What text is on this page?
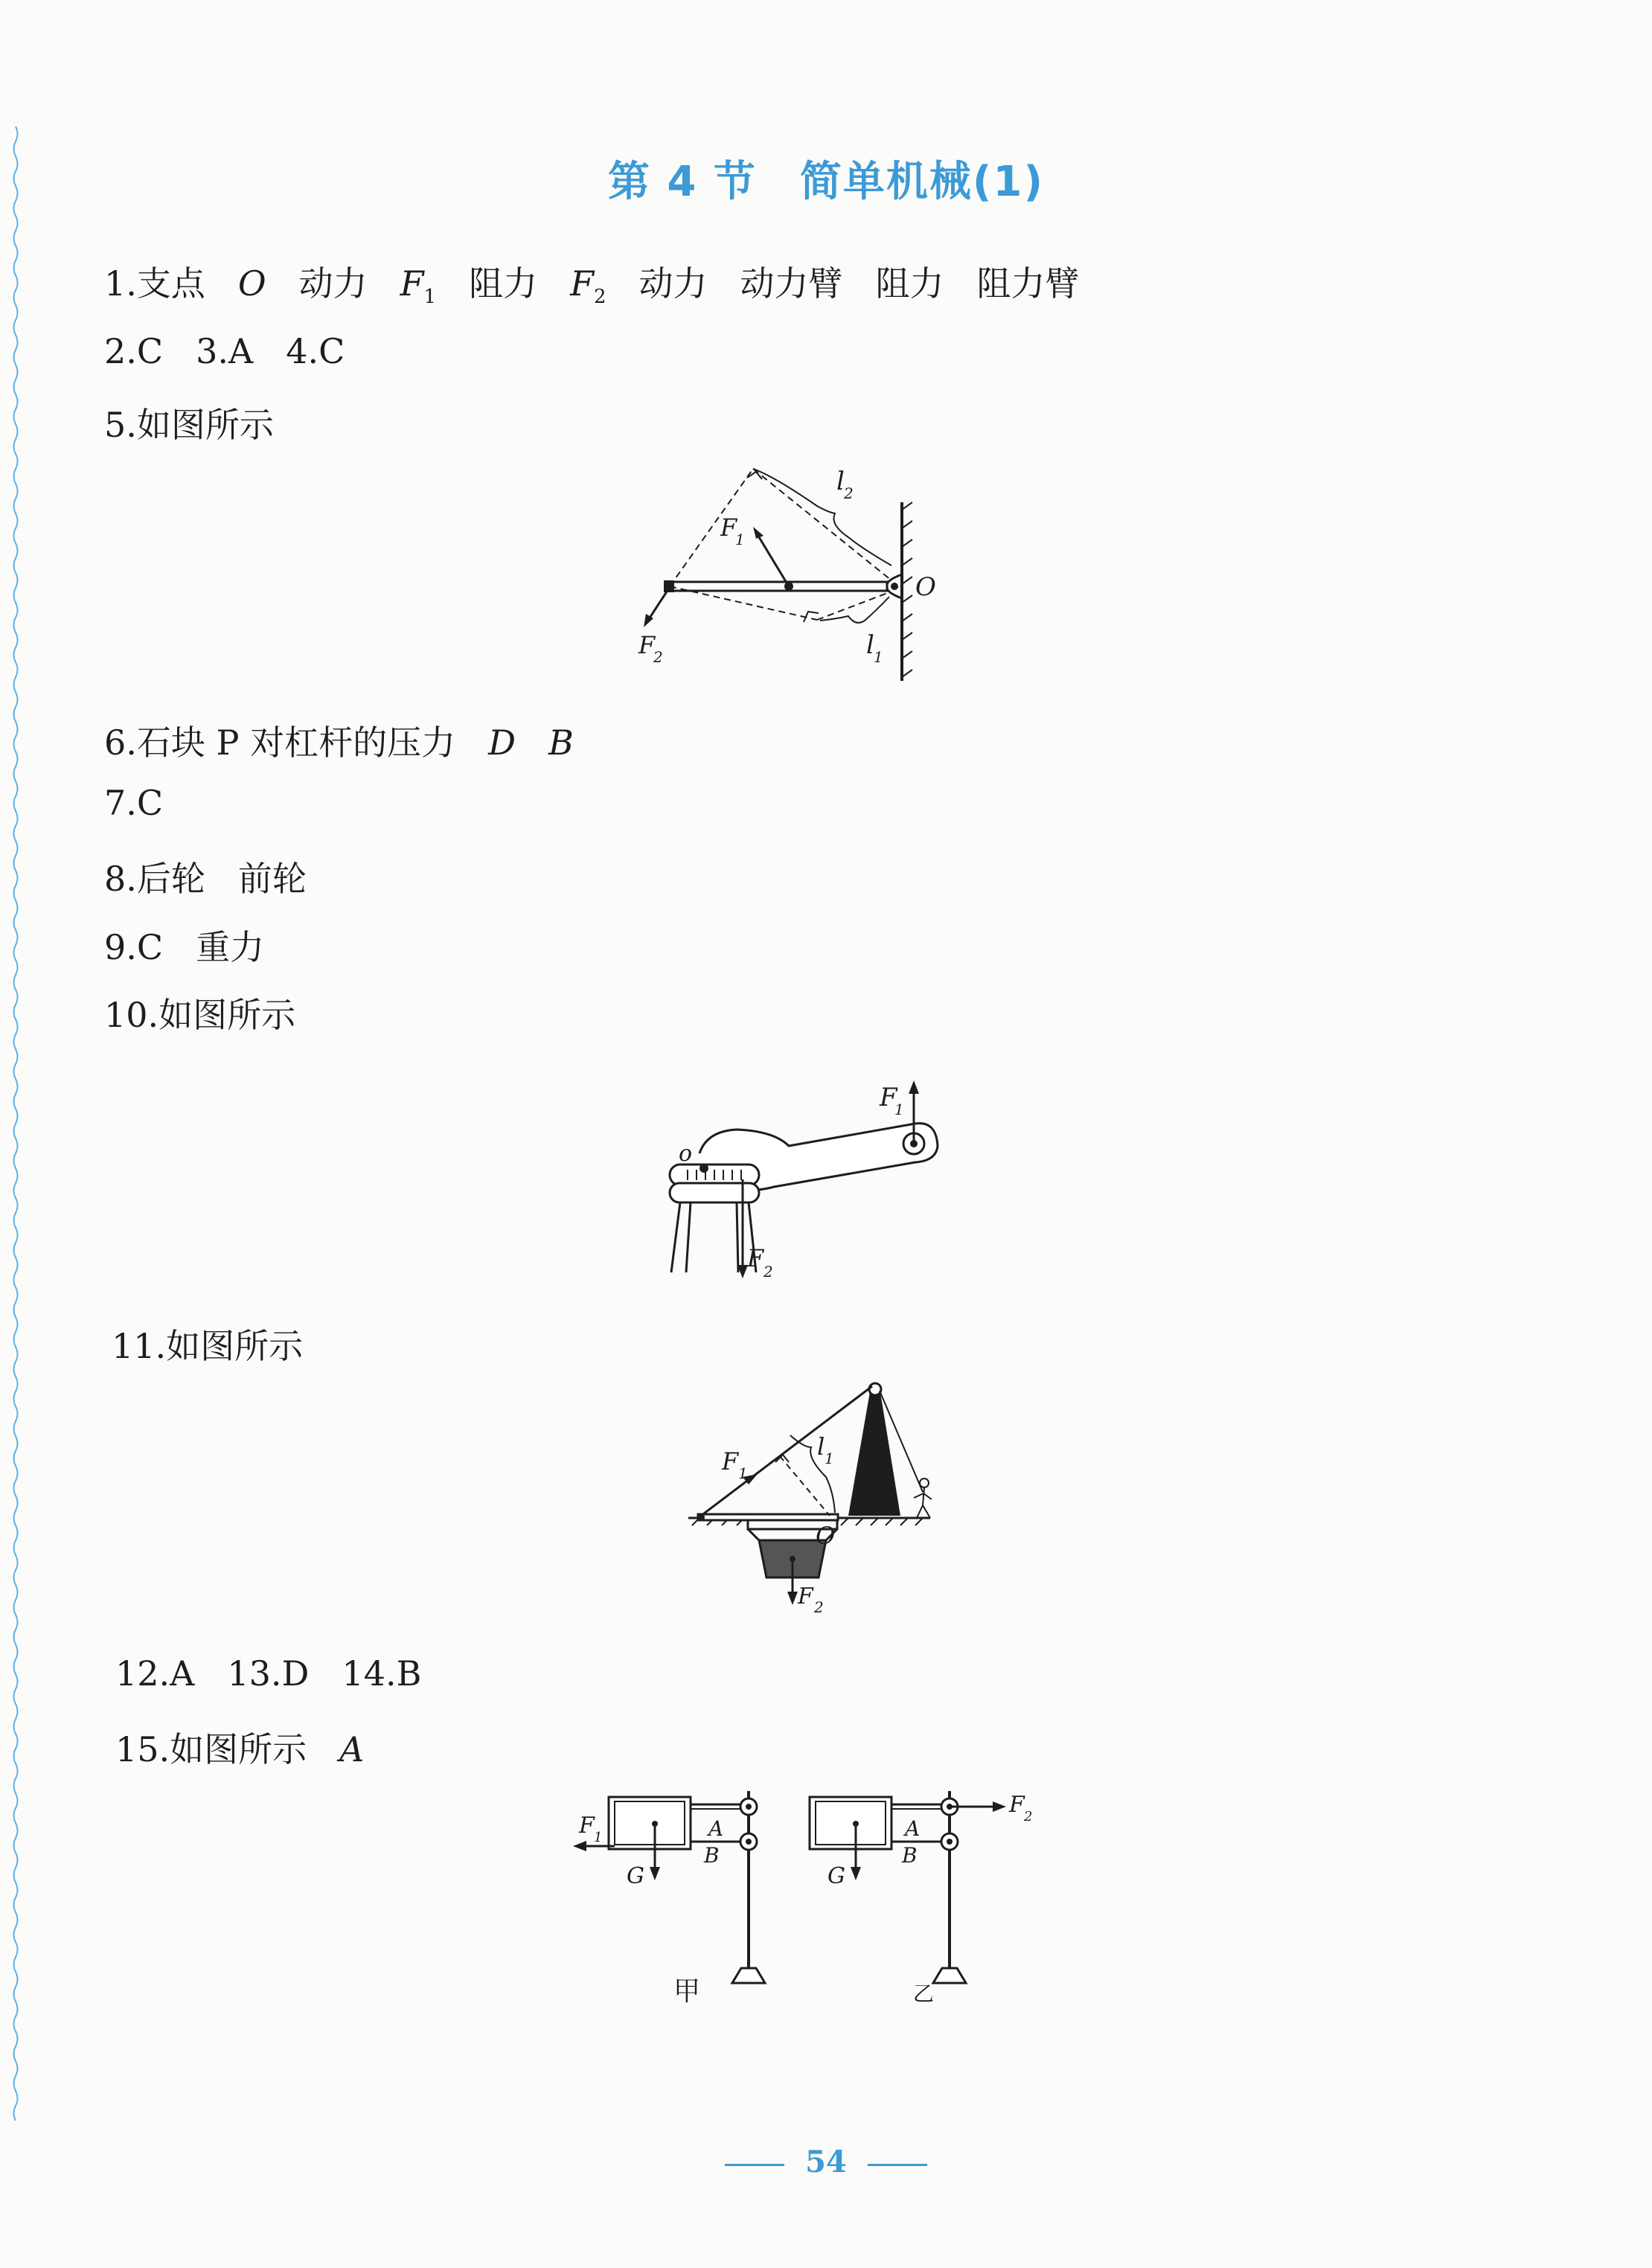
第 4 节　简单机械(1)
1.支点 O 动力 $F_1$ 阻力 $F_2$ 动力 动力臂 阻力 阻力臂
2.C 3.A 4.C
5.如图所示
l 2
F
1
O
F
2	l 1
6.石块 P 对杠杆的压力 D B
7.C
8.后轮 前轮
9.C 重力
10.如图所示
F
1
o
F 2
11.如图所示
F 1
l 1
O
F 2
12.A 13.D 14.B
15.如图所示 A
F 1	A
B
G
F 2
A
B
G
甲	乙
54
